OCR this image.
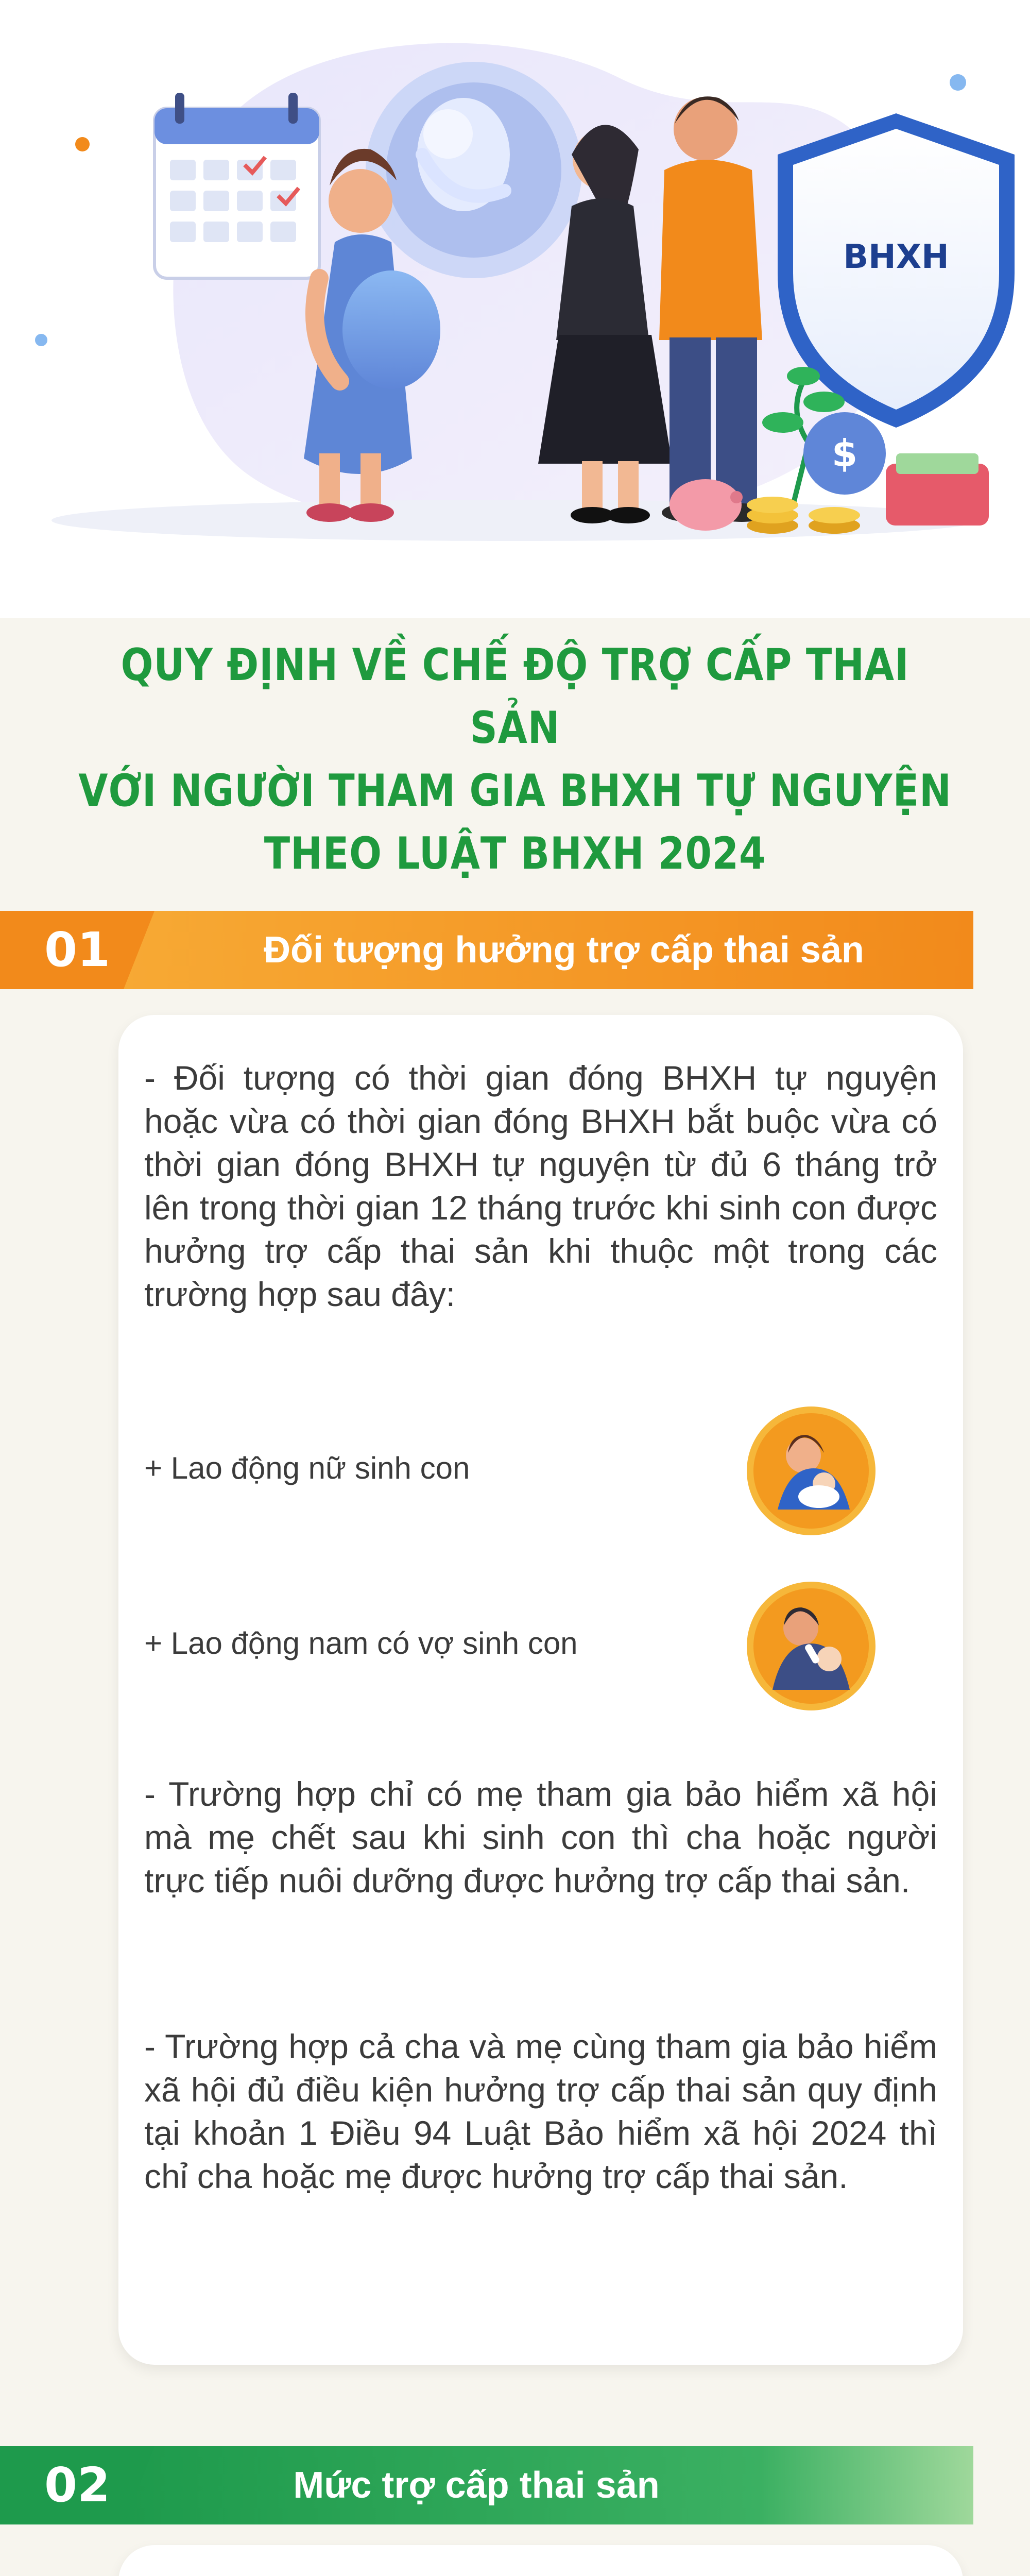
BHXH
$
QUY ĐỊNH VỀ CHẾ ĐỘ TRỢ CẤP THAI SẢN
VỚI NGƯỜI THAM GIA BHXH TỰ NGUYỆN
THEO LUẬT BHXH 2024
- Đối tượng có thời gian đóng BHXH tự nguyện hoặc vừa có thời gian đóng BHXH bắt buộc vừa có thời gian đóng BHXH tự nguyện từ đủ 6 tháng trở lên trong thời gian 12 tháng trước khi sinh con được hưởng trợ cấp thai sản khi thuộc một trong các trường hợp sau đây:
+ Lao động nữ sinh con
+ Lao động nam có vợ sinh con
- Trường hợp chỉ có mẹ tham gia bảo hiểm xã hội mà mẹ chết sau khi sinh con thì cha hoặc người trực tiếp nuôi dưỡng được hưởng trợ cấp thai sản.
- Trường hợp cả cha và mẹ cùng tham gia bảo hiểm xã hội đủ điều kiện hưởng trợ cấp thai sản quy định tại khoản 1 Điều 94 Luật Bảo hiểm xã hội 2024 thì chỉ cha hoặc mẹ được hưởng trợ cấp thai sản.
01	Đối tượng hưởng trợ cấp thai sản
02	Mức trợ cấp thai sản
